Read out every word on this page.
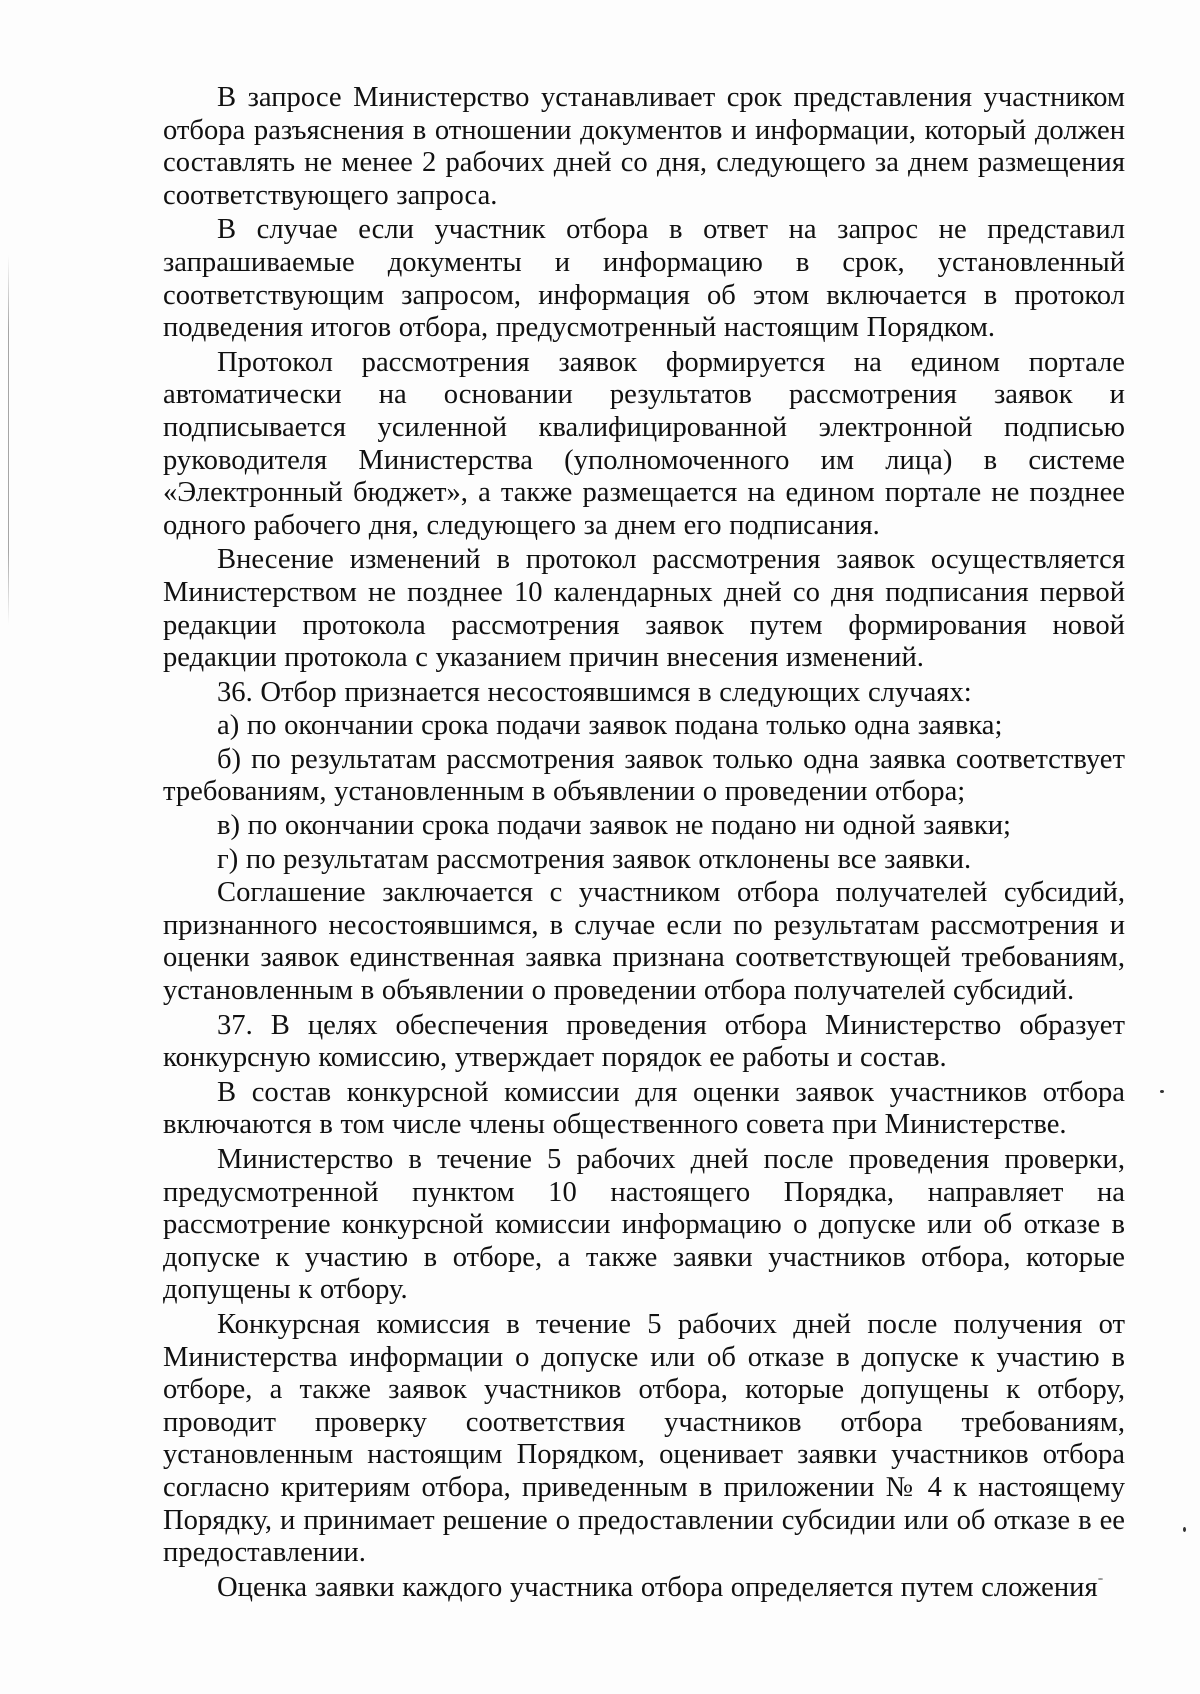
В запросе Министерство устанавливает срок представления участником отбора разъяснения в отношении документов и информации, который должен составлять не менее 2 рабочих дней со дня, следующего за днем размещения соответствующего запроса.

В случае если участник отбора в ответ на запрос не представил запрашиваемые документы и информацию в срок, установленный соответствующим запросом, информация об этом включается в протокол подведения итогов отбора, предусмотренный настоящим Порядком.

Протокол рассмотрения заявок формируется на едином портале автоматически на основании результатов рассмотрения заявок и подписывается усиленной квалифицированной электронной подписью руководителя Министерства (уполномоченного им лица) в системе «Электронный бюджет», а также размещается на едином портале не позднее одного рабочего дня, следующего за днем его подписания.

Внесение изменений в протокол рассмотрения заявок осуществляется Министерством не позднее 10 календарных дней со дня подписания первой редакции протокола рассмотрения заявок путем формирования новой редакции протокола с указанием причин внесения изменений.

36. Отбор признается несостоявшимся в следующих случаях:

а) по окончании срока подачи заявок подана только одна заявка;

б) по результатам рассмотрения заявок только одна заявка соответствует требованиям, установленным в объявлении о проведении отбора;

в) по окончании срока подачи заявок не подано ни одной заявки;

г) по результатам рассмотрения заявок отклонены все заявки.

Соглашение заключается с участником отбора получателей субсидий, признанного несостоявшимся, в случае если по результатам рассмотрения и оценки заявок единственная заявка признана соответствующей требованиям, установленным в объявлении о проведении отбора получателей субсидий.

37. В целях обеспечения проведения отбора Министерство образует конкурсную комиссию, утверждает порядок ее работы и состав.

В состав конкурсной комиссии для оценки заявок участников отбора включаются в том числе члены общественного совета при Министерстве.

Министерство в течение 5 рабочих дней после проведения проверки, предусмотренной пунктом 10 настоящего Порядка, направляет на рассмотрение конкурсной комиссии информацию о допуске или об отказе в допуске к участию в отборе, а также заявки участников отбора, которые допущены к отбору.

Конкурсная комиссия в течение 5 рабочих дней после получения от Министерства информации о допуске или об отказе в допуске к участию в отборе, а также заявок участников отбора, которые допущены к отбору, проводит проверку соответствия участников отбора требованиям, установленным настоящим Порядком, оценивает заявки участников отбора согласно критериям отбора, приведенным в приложении № 4 к настоящему Порядку, и принимает решение о предоставлении субсидии или об отказе в ее предоставлении.

Оценка заявки каждого участника отбора определяется путем сложения
